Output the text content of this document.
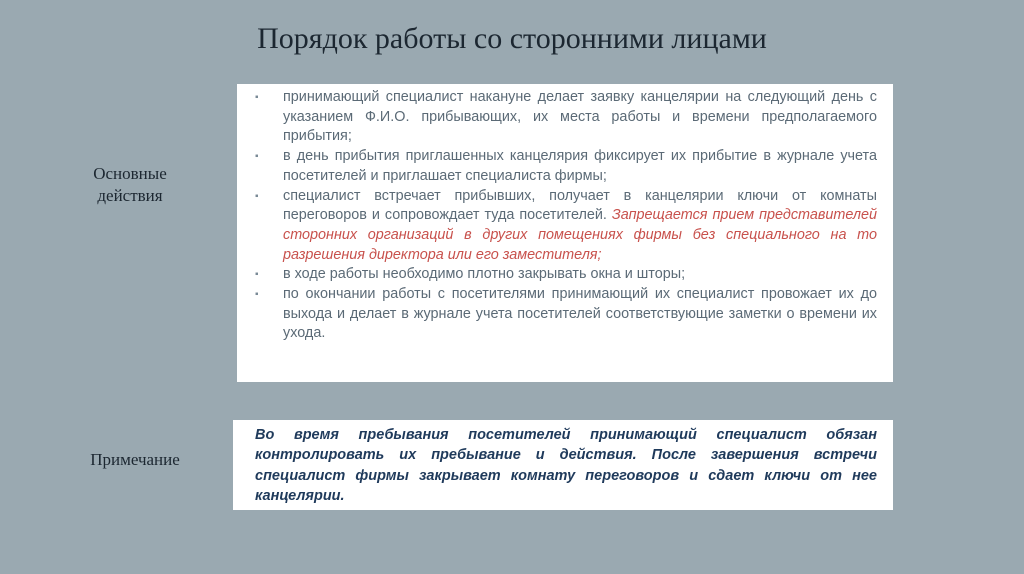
Порядок работы со сторонними лицами
Основные действия
Примечание
▪ принимающий специалист накануне делает заявку канцелярии на следующий день с указанием Ф.И.О. прибывающих, их места работы и времени предполагаемого прибытия;
▪ в день прибытия приглашенных канцелярия фиксирует их прибытие в журнале учета посетителей и приглашает специалиста фирмы;
▪ специалист встречает прибывших, получает в канцелярии ключи от комнаты переговоров и сопровождает туда посетителей. Запрещается прием представителей сторонних организаций в других помещениях фирмы без специального на то разрешения директора или его заместителя;
▪ в ходе работы необходимо плотно закрывать окна и шторы;
▪ по окончании работы с посетителями принимающий их специалист провожает их до выхода и делает в журнале учета посетителей соответствующие заметки о времени их ухода.
Во время пребывания посетителей принимающий специалист обязан контролировать их пребывание и действия. После завершения встречи специалист фирмы закрывает комнату переговоров и сдает ключи от нее канцелярии.
